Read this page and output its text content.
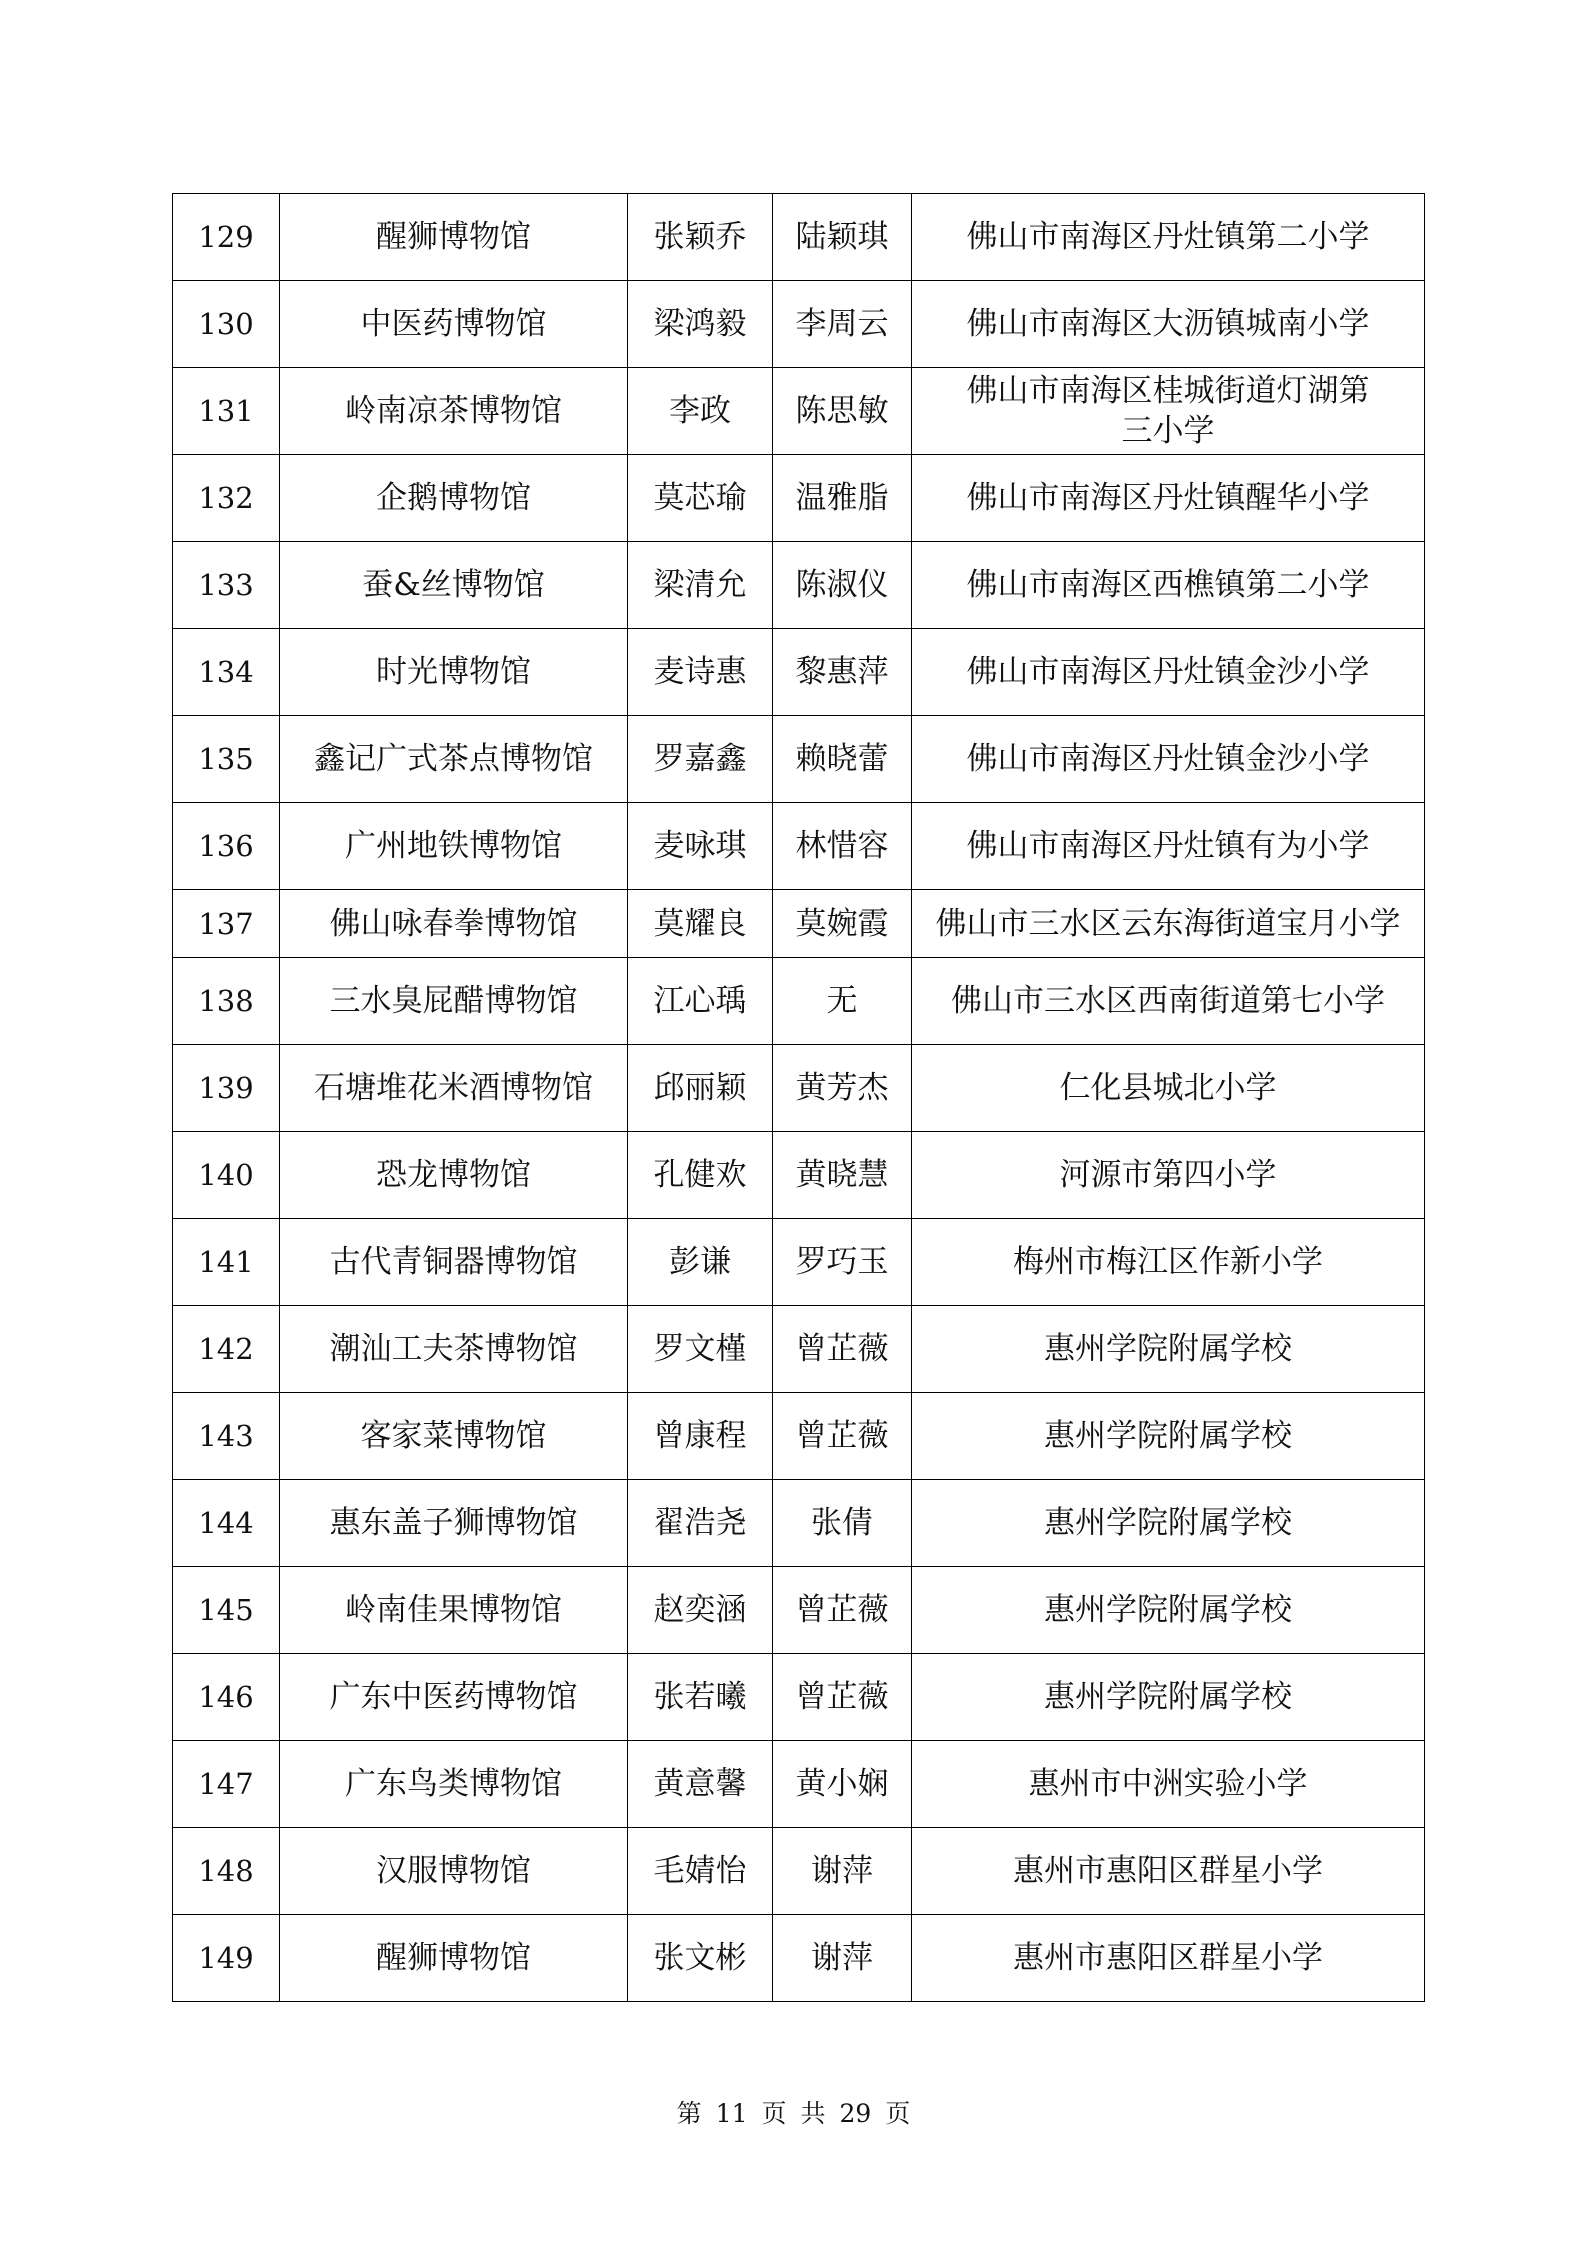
129	醒狮博物馆	张颖乔	陆颖琪	佛山市南海区丹灶镇第二小学
130	中医药博物馆	梁鸿毅	李周云	佛山市南海区大沥镇城南小学
131	岭南凉茶博物馆	李政	陈思敏	佛山市南海区桂城街道灯湖第三小学

132	企鹅博物馆	莫芯瑜	温雅脂	佛山市南海区丹灶镇醒华小学
133	蚕&丝博物馆	梁清允	陈淑仪	佛山市南海区西樵镇第二小学
134	时光博物馆	麦诗惠	黎惠萍	佛山市南海区丹灶镇金沙小学
135	鑫记广式茶点博物馆	罗嘉鑫	赖晓蕾	佛山市南海区丹灶镇金沙小学
136	广州地铁博物馆	麦咏琪	林惜容	佛山市南海区丹灶镇有为小学
137	佛山咏春拳博物馆	莫耀良	莫婉霞	佛山市三水区云东海街道宝月小学
138	三水臭屁醋博物馆	江心瑀	无	佛山市三水区西南街道第七小学
139	石塘堆花米酒博物馆	邱丽颖	黄芳杰	仁化县城北小学
140	恐龙博物馆	孔健欢	黄晓慧	河源市第四小学
141	古代青铜器博物馆	彭谦	罗巧玉	梅州市梅江区作新小学
142	潮汕工夫茶博物馆	罗文槿	曾芷薇	惠州学院附属学校
143	客家菜博物馆	曾康程	曾芷薇	惠州学院附属学校
144	惠东盖子狮博物馆	翟浩尧	张倩	惠州学院附属学校
145	岭南佳果博物馆	赵奕涵	曾芷薇	惠州学院附属学校
146	广东中医药博物馆	张若曦	曾芷薇	惠州学院附属学校
147	广东鸟类博物馆	黄意馨	黄小娴	惠州市中洲实验小学
148	汉服博物馆	毛婧怡	谢萍	惠州市惠阳区群星小学
149	醒狮博物馆	张文彬	谢萍	惠州市惠阳区群星小学
第 11 页 共 29 页
